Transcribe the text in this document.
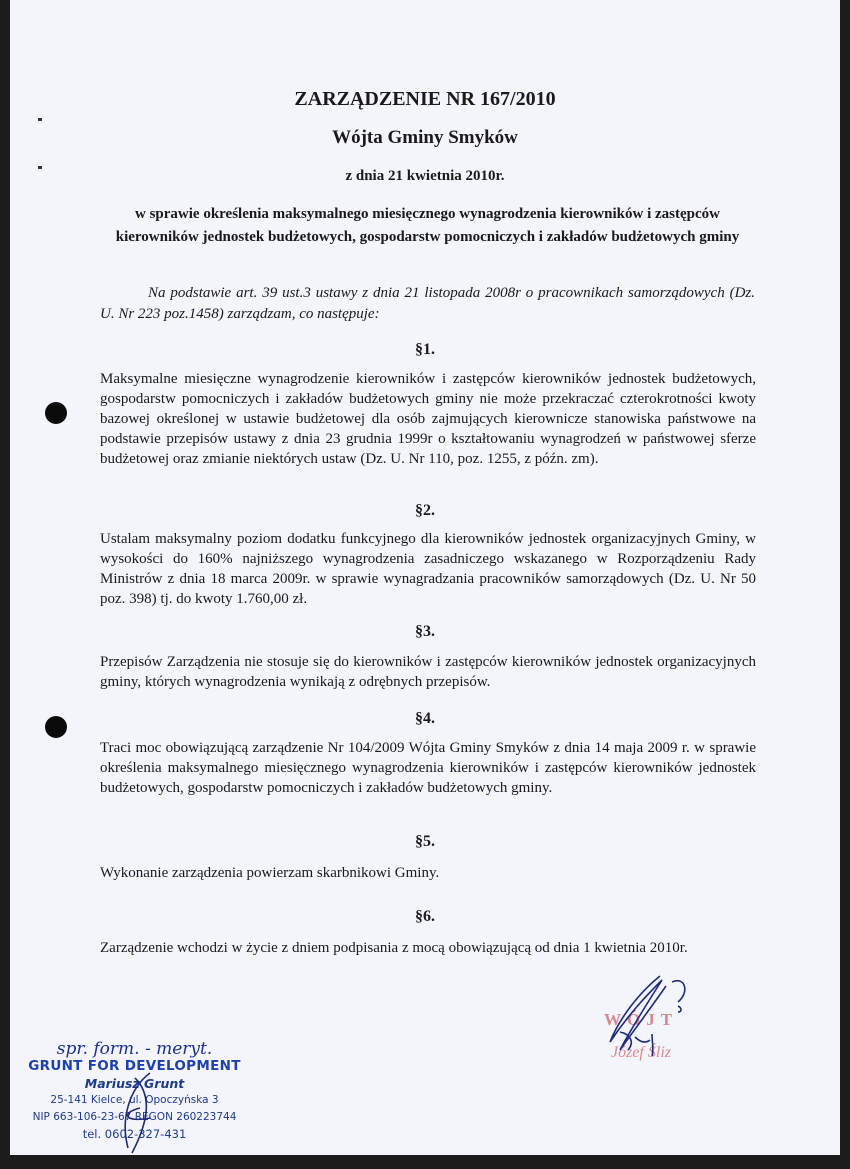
ZARZĄDZENIE NR 167/2010
Wójta Gminy Smyków
z dnia 21 kwietnia 2010r.
w sprawie określenia maksymalnego miesięcznego wynagrodzenia kierowników i zastępców kierowników jednostek budżetowych, gospodarstw pomocniczych i zakładów budżetowych gminy
Na podstawie art. 39 ust.3 ustawy z dnia 21 listopada 2008r o pracownikach samorządowych (Dz. U. Nr 223 poz.1458) zarządzam, co następuje:
§1.
Maksymalne miesięczne wynagrodzenie kierowników i zastępców kierowników jednostek budżetowych, gospodarstw pomocniczych i zakładów budżetowych gminy nie może przekraczać czterokrotności kwoty bazowej określonej w ustawie budżetowej dla osób zajmujących kierownicze stanowiska państwowe na podstawie przepisów ustawy z dnia 23 grudnia 1999r o kształtowaniu wynagrodzeń w państwowej sferze budżetowej oraz zmianie niektórych ustaw (Dz. U. Nr 110, poz. 1255, z późn. zm).
§2.
Ustalam maksymalny poziom dodatku funkcyjnego dla kierowników jednostek organizacyjnych Gminy, w wysokości do 160% najniższego wynagrodzenia zasadniczego wskazanego w Rozporządzeniu Rady Ministrów z dnia 18 marca 2009r. w sprawie wynagradzania pracowników samorządowych (Dz. U. Nr 50 poz. 398) tj. do kwoty 1.760,00 zł.
§3.
Przepisów Zarządzenia nie stosuje się do kierowników i zastępców kierowników jednostek organizacyjnych gminy, których wynagrodzenia wynikają z odrębnych przepisów.
§4.
Traci moc obowiązującą zarządzenie Nr 104/2009 Wójta Gminy Smyków z dnia 14 maja 2009 r. w sprawie określenia maksymalnego miesięcznego wynagrodzenia kierowników i zastępców kierowników jednostek budżetowych, gospodarstw pomocniczych i zakładów budżetowych gminy.
§5.
Wykonanie zarządzenia powierzam skarbnikowi Gminy.
§6.
Zarządzenie wchodzi w życie z dniem podpisania z mocą obowiązującą od dnia 1 kwietnia 2010r.
spr. form. - meryt.
GRUNT FOR DEVELOPMENT
Mariusz Grunt
25-141 Kielce, ul. Opoczyńska 3
NIP 663-106-23-67 REGON 260223744
tel. 0602-327-431
WÓJT
Józef Śliz
